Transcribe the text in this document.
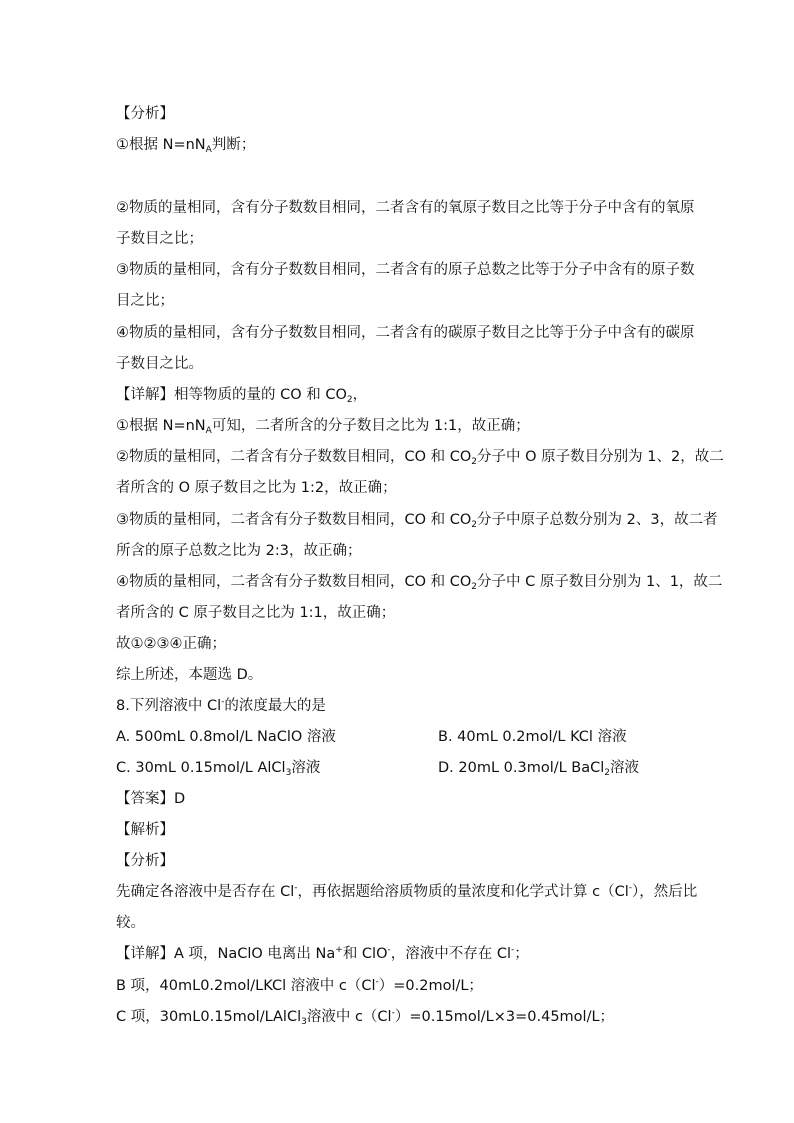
【分析】
①根据 $N=nN_A$判断；
②物质的量相同，含有分子数数目相同，二者含有的氧原子数目之比等于分子中含有的氧原
子数目之比；
③物质的量相同，含有分子数数目相同，二者含有的原子总数之比等于分子中含有的原子数
目之比；
④物质的量相同，含有分子数数目相同，二者含有的碳原子数目之比等于分子中含有的碳原
子数目之比。
【详解】相等物质的量的 CO 和 $CO_2$，
①根据 $N=nN_A$可知，二者所含的分子数目之比为 1:1，故正确；
②物质的量相同，二者含有分子数数目相同，CO 和 $CO_2$分子中 O 原子数目分别为 1、2，故二
者所含的 O 原子数目之比为 1:2，故正确；
③物质的量相同，二者含有分子数数目相同，CO 和 $CO_2$分子中原子总数分别为 2、3，故二者
所含的原子总数之比为 2:3，故正确；
④物质的量相同，二者含有分子数数目相同，CO 和 $CO_2$分子中 C 原子数目分别为 1、1，故二
者所含的 C 原子数目之比为 1:1，故正确；
故①②③④正确；
综上所述，本题选 D。
8.下列溶液中 Cl-的浓度最大的是
A. 500mL 0.8mol/L NaClO 溶液	B. 40mL 0.2mol/L KCl 溶液
C. 30mL 0.15mol/L AlCl$_3$溶液	D. 20mL 0.3mol/L BaCl$_2$溶液
【答案】D
【解析】
【分析】
先确定各溶液中是否存在 Cl-，再依据题给溶质物质的量浓度和化学式计算 c（Cl-），然后比
较。
【详解】A 项，NaClO 电离出 Na+和 ClO-，溶液中不存在 Cl-；
B 项，40mL0.2mol/LKCl 溶液中 c（Cl-）=0.2mol/L；
C 项，30mL0.15mol/LAlCl$_3$溶液中 c（Cl-）=0.15mol/L×3=0.45mol/L；
